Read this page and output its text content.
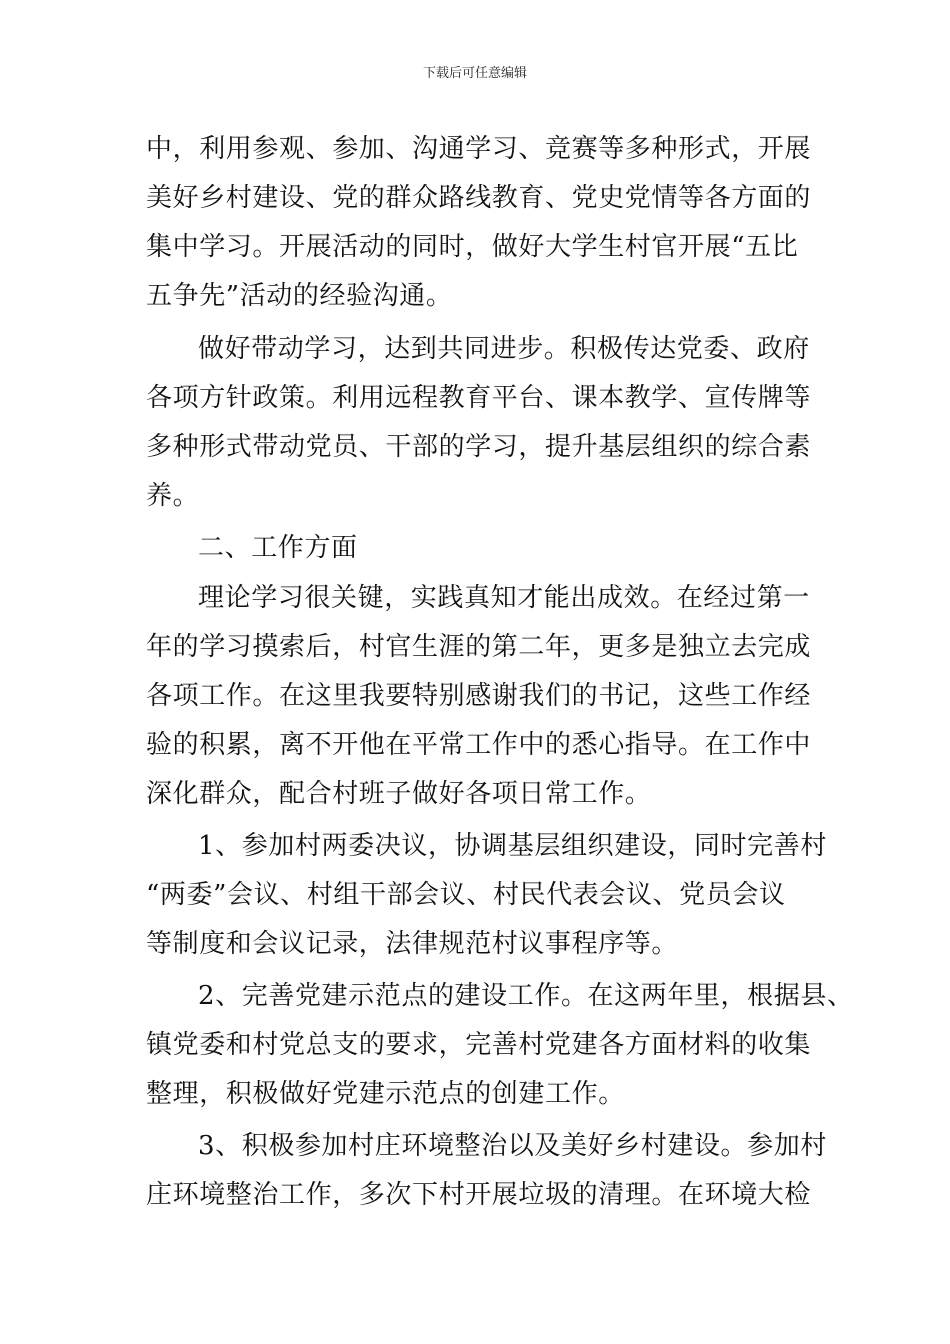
下载后可任意编辑
中，利用参观、参加、沟通学习、竞赛等多种形式，开展
美好乡村建设、党的群众路线教育、党史党情等各方面的
集中学习。开展活动的同时，做好大学生村官开展“五比
五争先”活动的经验沟通。
做好带动学习，达到共同进步。积极传达党委、政府
各项方针政策。利用远程教育平台、课本教学、宣传牌等
多种形式带动党员、干部的学习，提升基层组织的综合素
养。
二、工作方面
理论学习很关键，实践真知才能出成效。在经过第一
年的学习摸索后，村官生涯的第二年，更多是独立去完成
各项工作。在这里我要特别感谢我们的书记，这些工作经
验的积累，离不开他在平常工作中的悉心指导。在工作中
深化群众，配合村班子做好各项日常工作。
1、参加村两委决议，协调基层组织建设，同时完善村
“两委”会议、村组干部会议、村民代表会议、党员会议
等制度和会议记录，法律规范村议事程序等。
2、完善党建示范点的建设工作。在这两年里，根据县、
镇党委和村党总支的要求，完善村党建各方面材料的收集
整理，积极做好党建示范点的创建工作。
3、积极参加村庄环境整治以及美好乡村建设。参加村
庄环境整治工作，多次下村开展垃圾的清理。在环境大检
